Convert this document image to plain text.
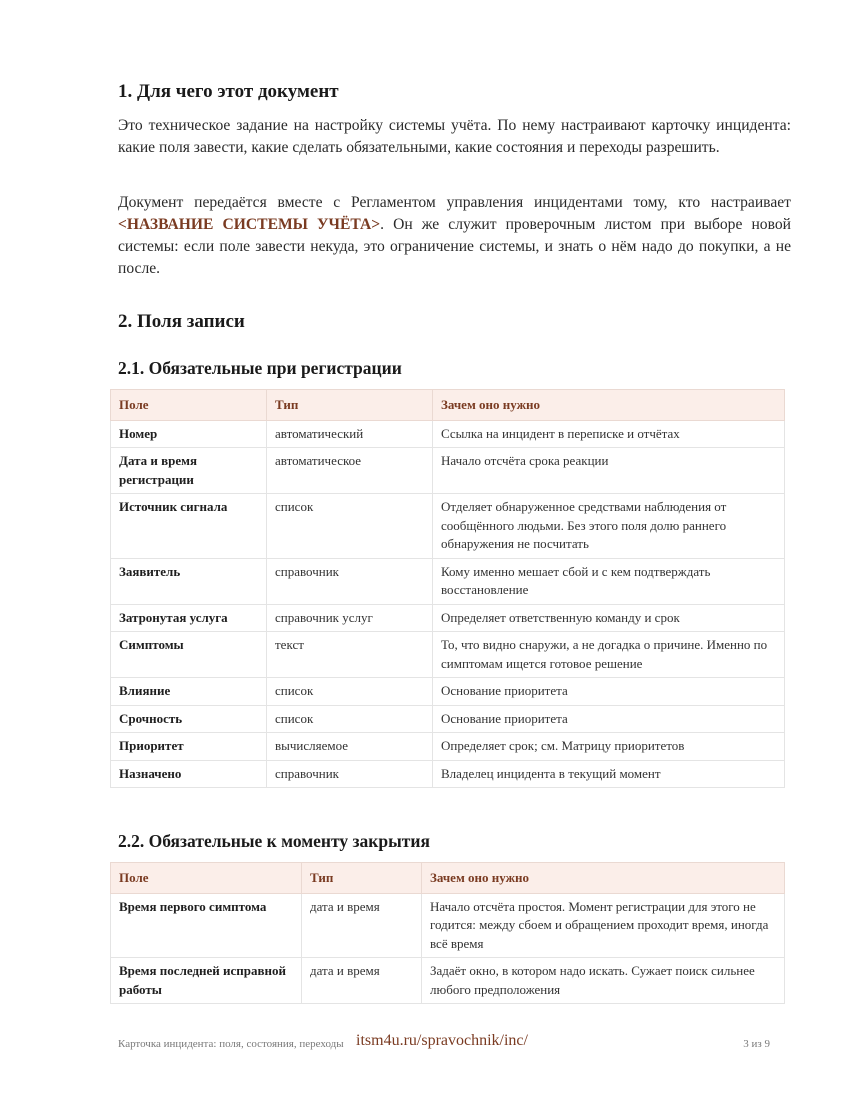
1. Для чего этот документ

Это техническое задание на настройку системы учёта. По нему настраивают карточку инцидента: какие поля завести, какие сделать обязательными, какие состояния и переходы разрешить.

Документ передаётся вместе с Регламентом управления инцидентами тому, кто настраивает <НАЗВАНИЕ СИСТЕМЫ УЧЁТА>. Он же служит проверочным листом при выборе новой системы: если поле завести некуда, это ограничение системы, и знать о нём надо до покупки, а не после.

2. Поля записи
2.1. Обязательные при регистрации
Поле	Тип	Зачем оно нужно
Номер	автоматический	Ссылка на инцидент в переписке и отчётах
Дата и время регистрации	автоматическое	Начало отсчёта срока реакции
Источник сигнала	список	Отделяет обнаруженное средствами наблюдения от сообщённого людьми. Без этого поля долю раннего обнаружения не посчитать
Заявитель	справочник	Кому именно мешает сбой и с кем подтверждать восстановление
Затронутая услуга	справочник услуг	Определяет ответственную команду и срок
Симптомы	текст	То, что видно снаружи, а не догадка о причине. Именно по симптомам ищется готовое решение
Влияние	список	Основание приоритета
Срочность	список	Основание приоритета
Приоритет	вычисляемое	Определяет срок; см. Матрицу приоритетов
Назначено	справочник	Владелец инцидента в текущий момент
2.2. Обязательные к моменту закрытия
Поле	Тип	Зачем оно нужно
Время первого симптома	дата и время	Начало отсчёта простоя. Момент регистрации для этого не годится: между сбоем и обращением проходит время, иногда всё время
Время последней исправной работы	дата и время	Задаёт окно, в котором надо искать. Сужает поиск сильнее любого предположения
Карточка инцидента: поля, состояния, переходы itsm4u.ru/spravochnik/inc/	3 из 9
